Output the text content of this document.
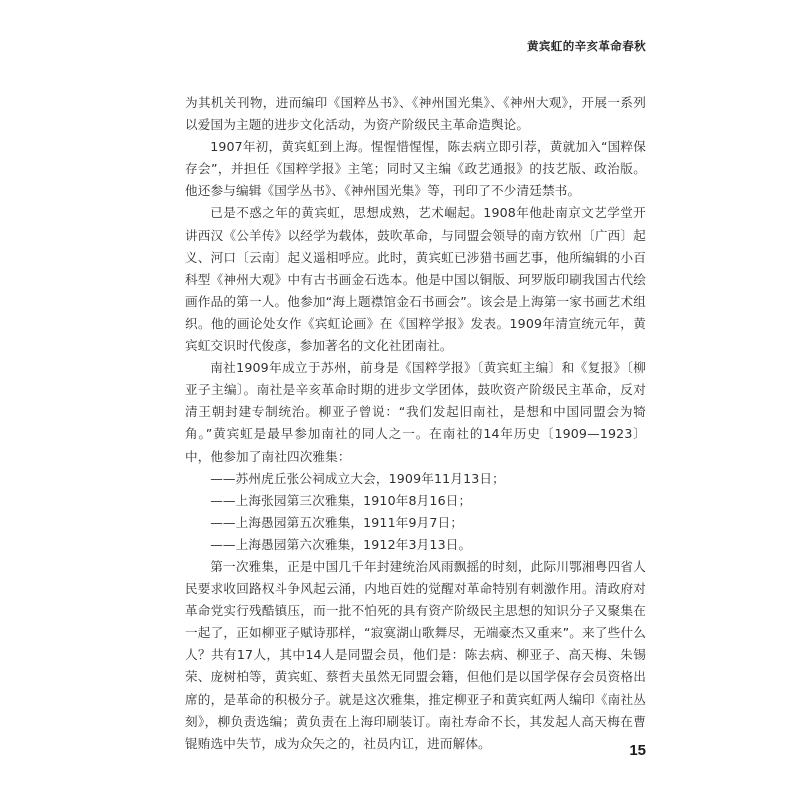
黄宾虹的辛亥革命春秋

为其机关刊物，进而编印《国粹丛书》、《神州国光集》、《神州大观》，开展一系列以爱国为主题的进步文化活动，为资产阶级民主革命造舆论。

1907年初，黄宾虹到上海。惺惺惜惺惺，陈去病立即引荐，黄就加入“国粹保存会”，并担任《国粹学报》主笔；同时又主编《政艺通报》的技艺版、政治版。他还参与编辑《国学丛书》、《神州国光集》等，刊印了不少清廷禁书。

已是不惑之年的黄宾虹，思想成熟，艺术崛起。1908年他赴南京文艺学堂开讲西汉《公羊传》以经学为载体，鼓吹革命，与同盟会领导的南方钦州〔广西〕起义、河口〔云南〕起义遥相呼应。此时，黄宾虹已涉猎书画艺事，他所编辑的小百科型《神州大观》中有古书画金石选本。他是中国以铜版、珂罗版印刷我国古代绘画作品的第一人。他参加“海上题襟馆金石书画会”。该会是上海第一家书画艺术组织。他的画论处女作《宾虹论画》在《国粹学报》发表。1909年清宣统元年，黄宾虹交识时代俊彦，参加著名的文化社团南社。

南社1909年成立于苏州，前身是《国粹学报》〔黄宾虹主编〕和《复报》〔柳亚子主编〕。南社是辛亥革命时期的进步文学团体，鼓吹资产阶级民主革命，反对清王朝封建专制统治。柳亚子曾说：“我们发起旧南社，是想和中国同盟会为犄角。”黄宾虹是最早参加南社的同人之一。在南社的14年历史〔1909—1923〕中，他参加了南社四次雅集：

——苏州虎丘张公祠成立大会，1909年11月13日；
——上海张园第三次雅集，1910年8月16日；
——上海愚园第五次雅集，1911年9月7日；
——上海愚园第六次雅集，1912年3月13日。

第一次雅集，正是中国几千年封建统治风雨飘摇的时刻，此际川鄂湘粤四省人民要求收回路权斗争风起云涌，内地百姓的觉醒对革命特别有刺激作用。清政府对革命党实行残酷镇压，而一批不怕死的具有资产阶级民主思想的知识分子又聚集在一起了，正如柳亚子赋诗那样，“寂寞湖山歌舞尽，无端豪杰又重来”。来了些什么人？共有17人，其中14人是同盟会员，他们是：陈去病、柳亚子、高天梅、朱锡荣、庞树柏等，黄宾虹、蔡哲夫虽然无同盟会籍，但他们是以国学保存会员资格出席的，是革命的积极分子。就是这次雅集，推定柳亚子和黄宾虹两人编印《南社丛刻》，柳负责选编；黄负责在上海印刷装订。南社寿命不长，其发起人高天梅在曹锟贿选中失节，成为众矢之的，社员内讧，进而解体。	15
